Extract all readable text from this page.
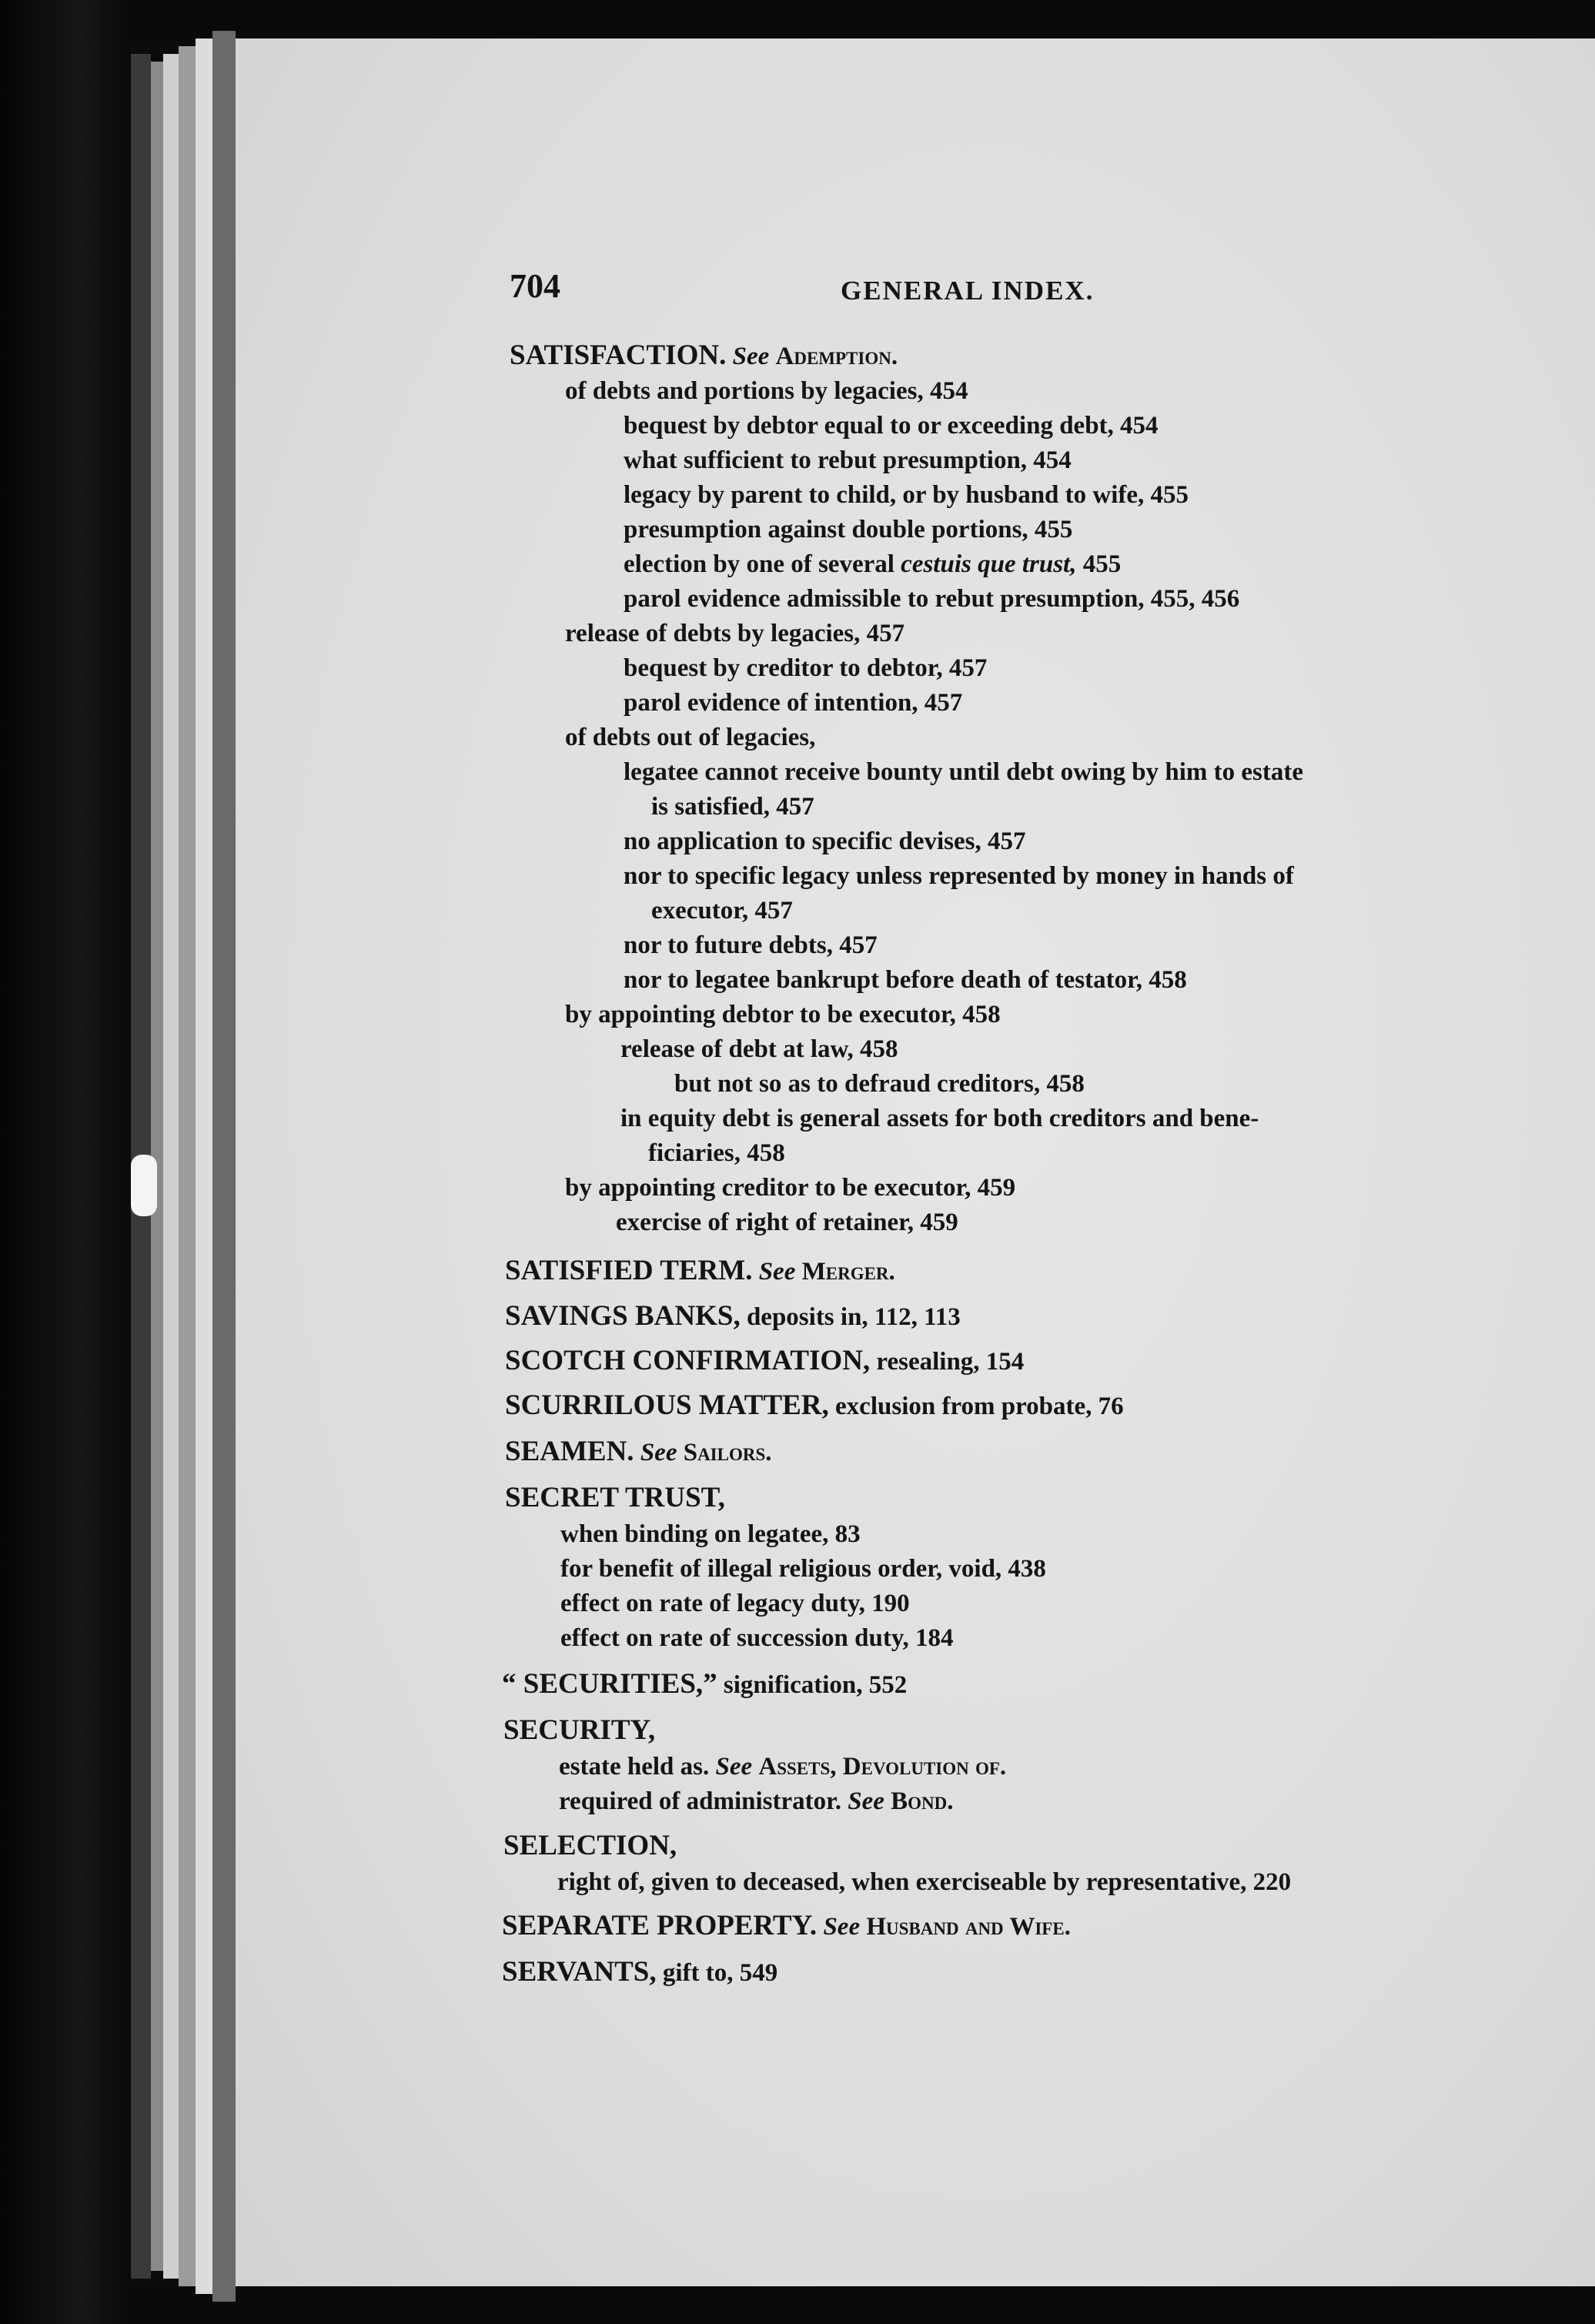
704	GENERAL INDEX.
SATISFACTION. See Ademption.
of debts and portions by legacies, 454
bequest by debtor equal to or exceeding debt, 454
what sufficient to rebut presumption, 454
legacy by parent to child, or by husband to wife, 455
presumption against double portions, 455
election by one of several cestuis que trust, 455
parol evidence admissible to rebut presumption, 455, 456
release of debts by legacies, 457
bequest by creditor to debtor, 457
parol evidence of intention, 457
of debts out of legacies,
legatee cannot receive bounty until debt owing by him to estate
is satisfied, 457
no application to specific devises, 457
nor to specific legacy unless represented by money in hands of
executor, 457
nor to future debts, 457
nor to legatee bankrupt before death of testator, 458
by appointing debtor to be executor, 458
release of debt at law, 458
but not so as to defraud creditors, 458
in equity debt is general assets for both creditors and bene-
ficiaries, 458
by appointing creditor to be executor, 459
exercise of right of retainer, 459
SATISFIED TERM. See Merger.
SAVINGS BANKS, deposits in, 112, 113
SCOTCH CONFIRMATION, resealing, 154
SCURRILOUS MATTER, exclusion from probate, 76
SEAMEN. See Sailors.
SECRET TRUST,
when binding on legatee, 83
for benefit of illegal religious order, void, 438
effect on rate of legacy duty, 190
effect on rate of succession duty, 184
“ SECURITIES,” signification, 552
SECURITY,
estate held as. See Assets, Devolution of.
required of administrator. See Bond.
SELECTION,
right of, given to deceased, when exerciseable by representative, 220
SEPARATE PROPERTY. See Husband and Wife.
SERVANTS, gift to, 549
